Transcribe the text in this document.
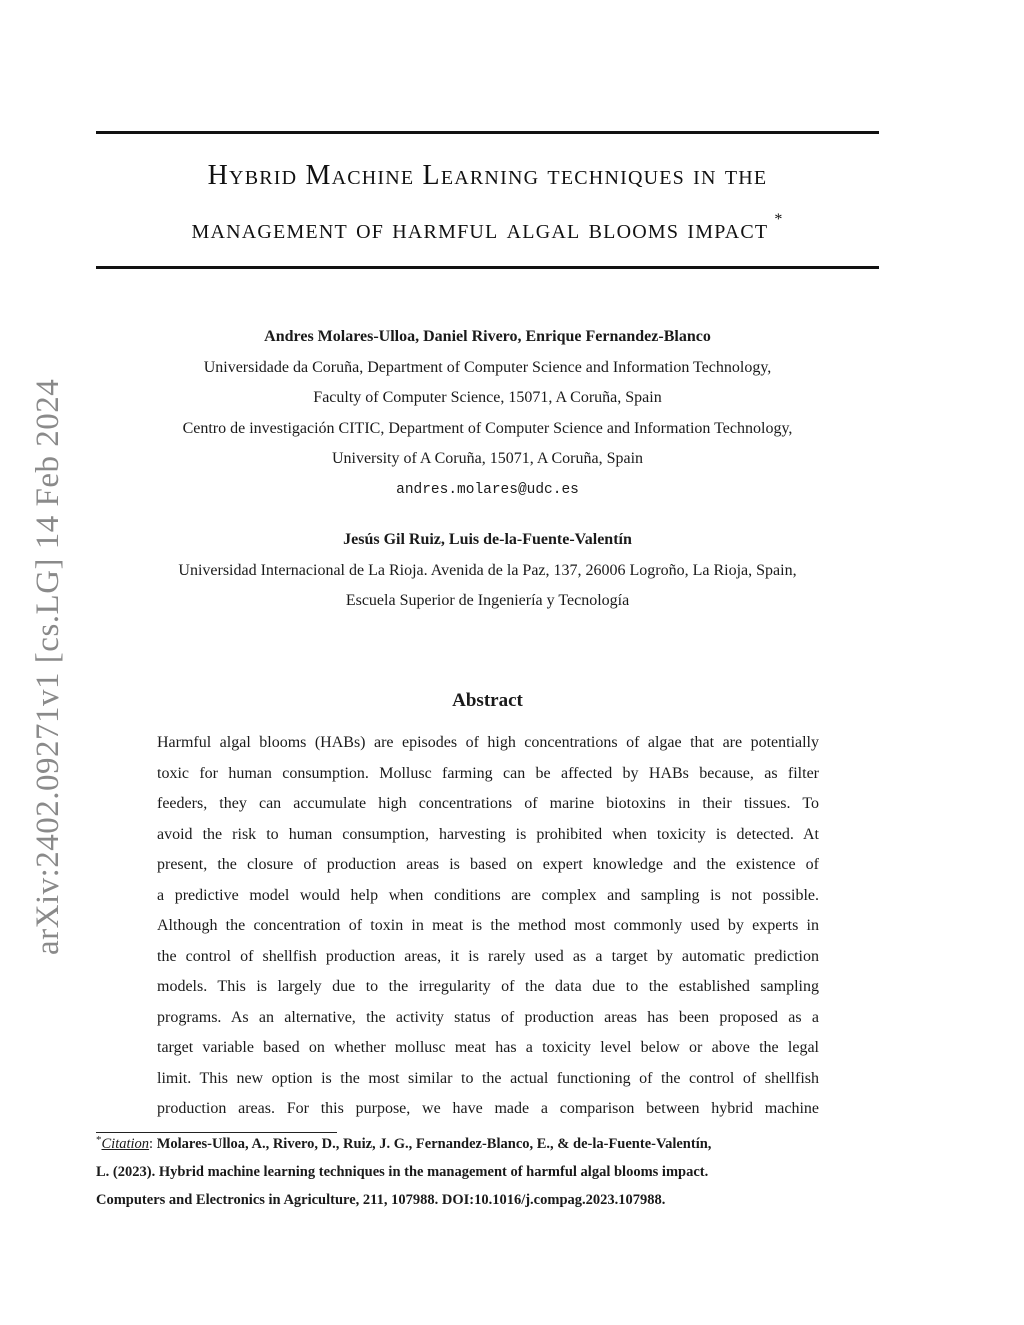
arXiv:2402.09271v1 [cs.LG] 14 Feb 2024
Hybrid Machine Learning techniques in the
management of harmful algal blooms impact *
Andres Molares-Ulloa, Daniel Rivero, Enrique Fernandez-Blanco
Universidade da Coruña, Department of Computer Science and Information Technology,
Faculty of Computer Science, 15071, A Coruña, Spain
Centro de investigación CITIC, Department of Computer Science and Information Technology,
University of A Coruña, 15071, A Coruña, Spain
andres.molares@udc.es
Jesús Gil Ruiz, Luis de-la-Fuente-Valentín
Universidad Internacional de La Rioja. Avenida de la Paz, 137, 26006 Logroño, La Rioja, Spain,
Escuela Superior de Ingeniería y Tecnología
Abstract
Harmful algal blooms (HABs) are episodes of high concentrations of algae that are potentially
toxic for human consumption. Mollusc farming can be affected by HABs because, as filter
feeders, they can accumulate high concentrations of marine biotoxins in their tissues. To
avoid the risk to human consumption, harvesting is prohibited when toxicity is detected. At
present, the closure of production areas is based on expert knowledge and the existence of
a predictive model would help when conditions are complex and sampling is not possible.
Although the concentration of toxin in meat is the method most commonly used by experts in
the control of shellfish production areas, it is rarely used as a target by automatic prediction
models. This is largely due to the irregularity of the data due to the established sampling
programs. As an alternative, the activity status of production areas has been proposed as a
target variable based on whether mollusc meat has a toxicity level below or above the legal
limit. This new option is the most similar to the actual functioning of the control of shellfish
production areas. For this purpose, we have made a comparison between hybrid machine
*Citation: Molares-Ulloa, A., Rivero, D., Ruiz, J. G., Fernandez-Blanco, E., & de-la-Fuente-Valentín,
L. (2023). Hybrid machine learning techniques in the management of harmful algal blooms impact.
Computers and Electronics in Agriculture, 211, 107988. DOI:10.1016/j.compag.2023.107988.
